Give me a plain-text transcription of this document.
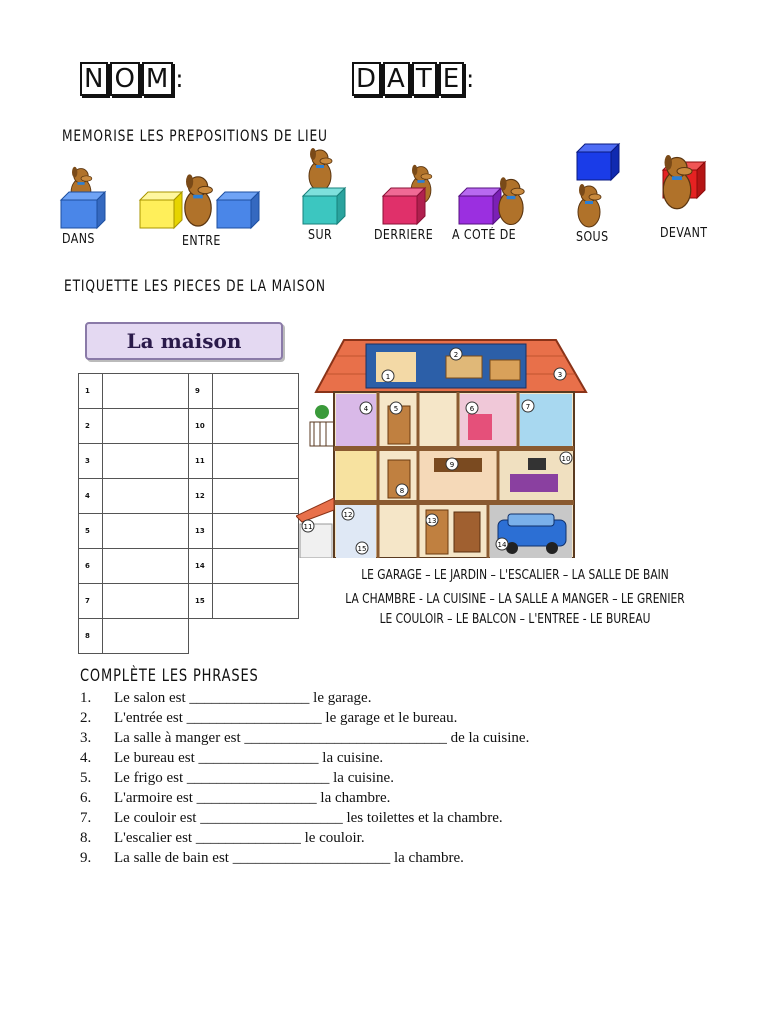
N O M :	D A T E :
MEMORISE LES PREPOSITIONS DE LIEU
DANS	ENTRE	SUR	DERRIERE A COTÉ DE	SOUS	DEVANT
ETIQUETTE LES PIECES DE LA MAISON
La maison
1		9	
2		10	
3		11	
4		12	
5		13	
6		14	
7		15	
8			
1
2
7
4	5	6
8
9
10
11
12
13
14
15
3
LE GARAGE – LE JARDIN – L'ESCALIER – LA SALLE DE BAIN
LA CHAMBRE - LA CUISINE – LA SALLE A MANGER – LE GRENIER
LE COULOIR – LE BALCON – L'ENTREE - LE BUREAU
COMPLÈTE LES PHRASES
1. Le salon est ________________ le garage.
2. L'entrée est __________________ le garage et le bureau.
3. La salle à manger est ___________________________ de la cuisine.
4. Le bureau est ________________ la cuisine.
5. Le frigo est ___________________ la cuisine.
6. L'armoire est ________________ la chambre.
7. Le couloir est ___________________ les toilettes et la chambre.
8. L'escalier est ______________ le couloir.
9. La salle de bain est _____________________ la chambre.
